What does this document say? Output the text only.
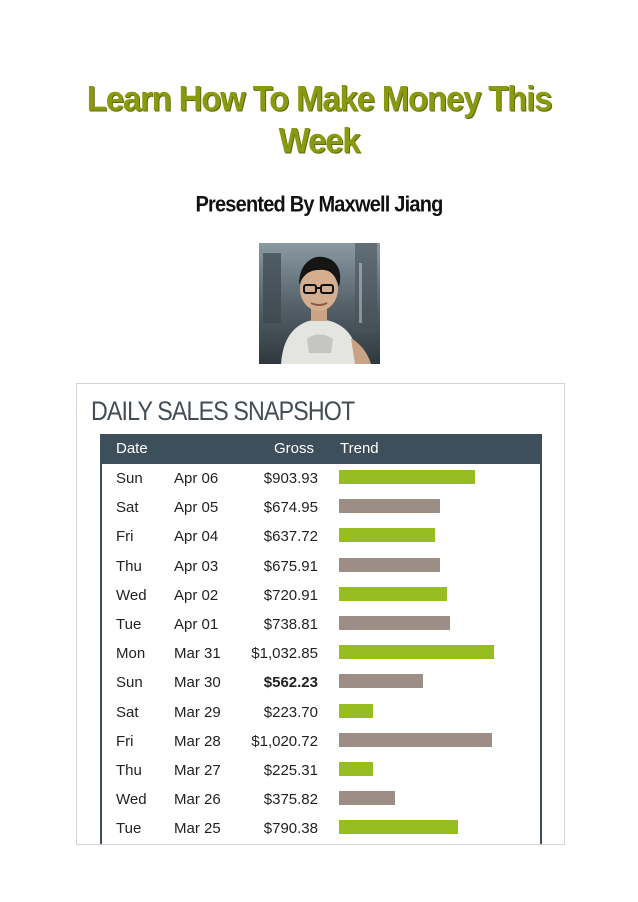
Learn How To Make Money This
Week
Presented By Maxwell Jiang
DAILY SALES SNAPSHOT
Date	Gross Trend
Sun Apr 06	$903.93
Sat Apr 05	$674.95
Fri	Apr 04	$637.72
Thu Apr 03	$675.91
Wed Apr 02	$720.91
Tue Apr 01	$738.81
Mon Mar 31 $1,032.85
Sun Mar 30	$562.23
Sat Mar 29	$223.70
Fri	Mar 28 $1,020.72
Thu Mar 27	$225.31
Wed Mar 26	$375.82
Tue Mar 25	$790.38
